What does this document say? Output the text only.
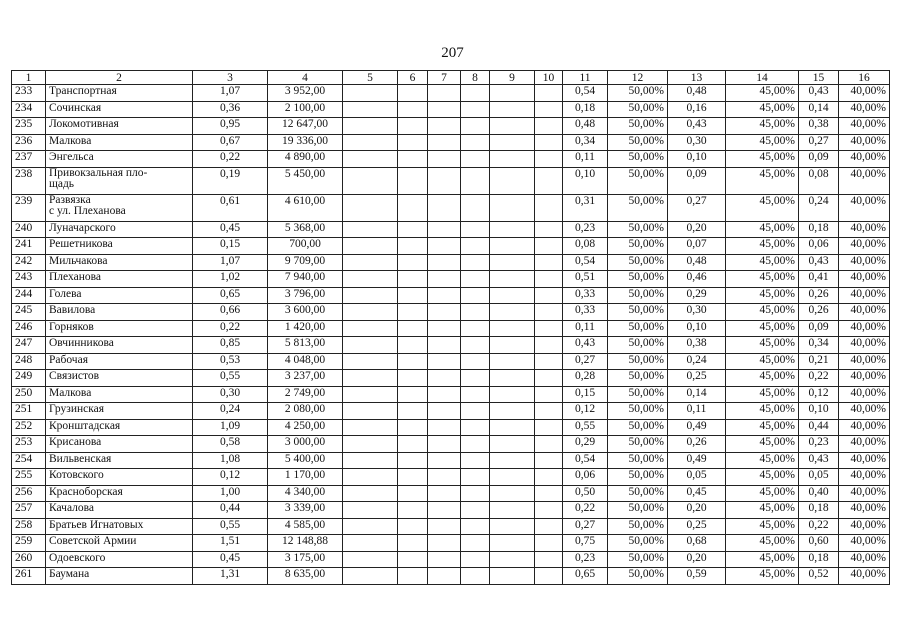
207
1	2	3	4	5	6	7	8	9	10	11	12	13	14	15	16
233	Транспортная	1,07	3 952,00							0,54	50,00%	0,48	45,00%	0,43	40,00%
234	Сочинская	0,36	2 100,00							0,18	50,00%	0,16	45,00%	0,14	40,00%
235	Локомотивная	0,95	12 647,00							0,48	50,00%	0,43	45,00%	0,38	40,00%
236	Малкова	0,67	19 336,00							0,34	50,00%	0,30	45,00%	0,27	40,00%
237	Энгельса	0,22	4 890,00							0,11	50,00%	0,10	45,00%	0,09	40,00%
238	Привокзальная пло-
щадь	0,19	5 450,00							0,10	50,00%	0,09	45,00%	0,08	40,00%
239	Развязка
с ул. Плеханова	0,61	4 610,00							0,31	50,00%	0,27	45,00%	0,24	40,00%
240	Луначарского	0,45	5 368,00							0,23	50,00%	0,20	45,00%	0,18	40,00%
241	Решетникова	0,15	700,00							0,08	50,00%	0,07	45,00%	0,06	40,00%
242	Мильчакова	1,07	9 709,00							0,54	50,00%	0,48	45,00%	0,43	40,00%
243	Плеханова	1,02	7 940,00							0,51	50,00%	0,46	45,00%	0,41	40,00%
244	Голева	0,65	3 796,00							0,33	50,00%	0,29	45,00%	0,26	40,00%
245	Вавилова	0,66	3 600,00							0,33	50,00%	0,30	45,00%	0,26	40,00%
246	Горняков	0,22	1 420,00							0,11	50,00%	0,10	45,00%	0,09	40,00%
247	Овчинникова	0,85	5 813,00							0,43	50,00%	0,38	45,00%	0,34	40,00%
248	Рабочая	0,53	4 048,00							0,27	50,00%	0,24	45,00%	0,21	40,00%
249	Связистов	0,55	3 237,00							0,28	50,00%	0,25	45,00%	0,22	40,00%
250	Малкова	0,30	2 749,00							0,15	50,00%	0,14	45,00%	0,12	40,00%
251	Грузинская	0,24	2 080,00							0,12	50,00%	0,11	45,00%	0,10	40,00%
252	Кронштадская	1,09	4 250,00							0,55	50,00%	0,49	45,00%	0,44	40,00%
253	Крисанова	0,58	3 000,00							0,29	50,00%	0,26	45,00%	0,23	40,00%
254	Вильвенская	1,08	5 400,00							0,54	50,00%	0,49	45,00%	0,43	40,00%
255	Котовского	0,12	1 170,00							0,06	50,00%	0,05	45,00%	0,05	40,00%
256	Красноборская	1,00	4 340,00							0,50	50,00%	0,45	45,00%	0,40	40,00%
257	Качалова	0,44	3 339,00							0,22	50,00%	0,20	45,00%	0,18	40,00%
258	Братьев Игнатовых	0,55	4 585,00							0,27	50,00%	0,25	45,00%	0,22	40,00%
259	Советской Армии	1,51	12 148,88							0,75	50,00%	0,68	45,00%	0,60	40,00%
260	Одоевского	0,45	3 175,00							0,23	50,00%	0,20	45,00%	0,18	40,00%
261	Баумана	1,31	8 635,00							0,65	50,00%	0,59	45,00%	0,52	40,00%
